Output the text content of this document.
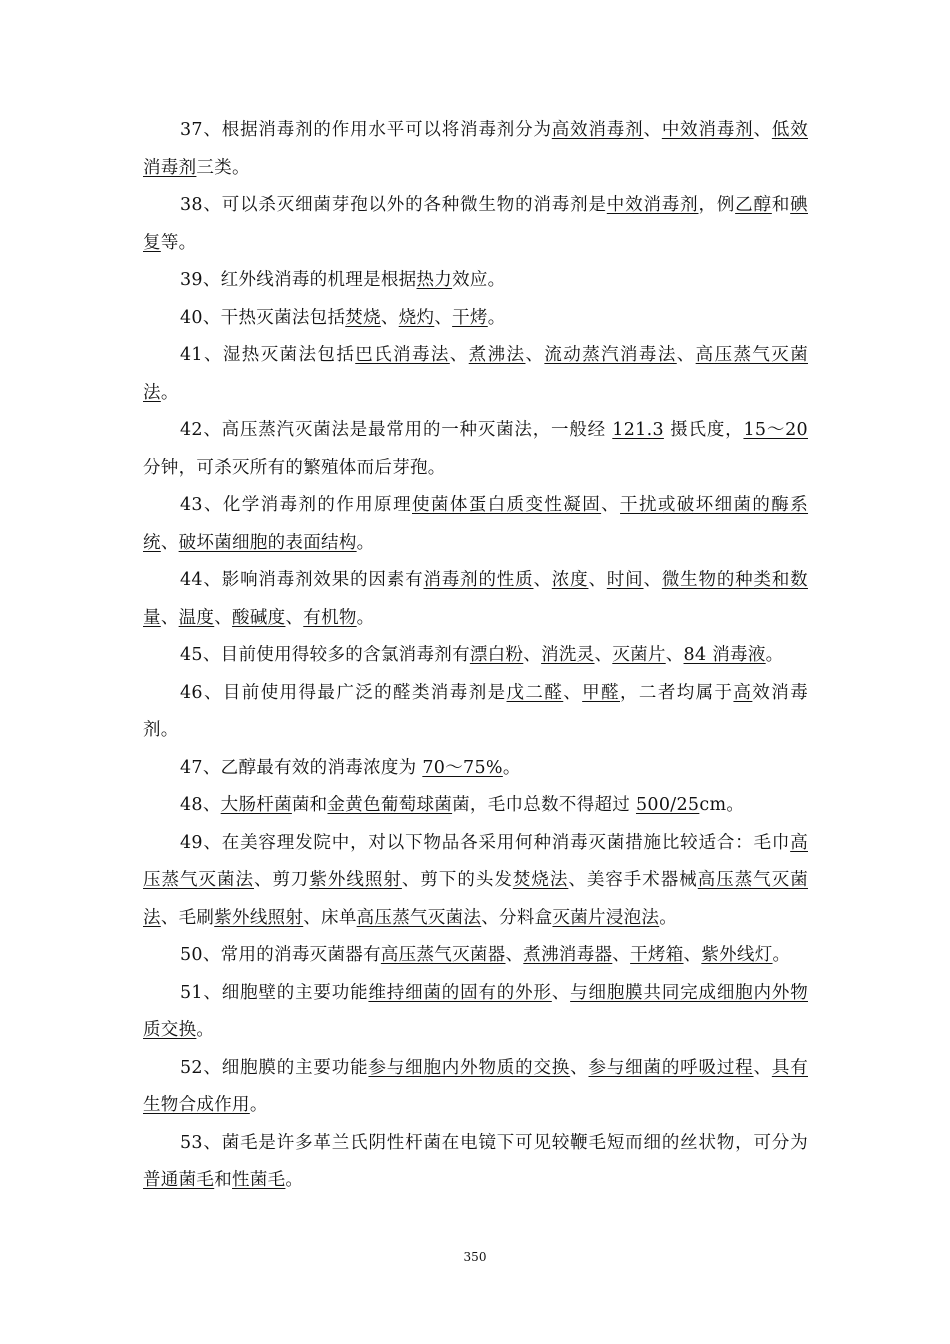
37、根据消毒剂的作用水平可以将消毒剂分为高效消毒剂、中效消毒剂、低效消毒剂三类。

38、可以杀灭细菌芽孢以外的各种微生物的消毒剂是中效消毒剂，例乙醇和碘复等。

39、红外线消毒的机理是根据热力效应。

40、干热灭菌法包括焚烧、烧灼、干烤。

41、湿热灭菌法包括巴氏消毒法、煮沸法、流动蒸汽消毒法、高压蒸气灭菌法。

42、高压蒸汽灭菌法是最常用的一种灭菌法，一般经 121.3 摄氏度，15～20 分钟，可杀灭所有的繁殖体而后芽孢。

43、化学消毒剂的作用原理使菌体蛋白质变性凝固、干扰或破坏细菌的酶系统、破坏菌细胞的表面结构。

44、影响消毒剂效果的因素有消毒剂的性质、浓度、时间、微生物的种类和数量、温度、酸碱度、有机物。

45、目前使用得较多的含氯消毒剂有漂白粉、消洗灵、灭菌片、84 消毒液。

46、目前使用得最广泛的醛类消毒剂是戊二醛、甲醛，二者均属于高效消毒剂。

47、乙醇最有效的消毒浓度为 70～75%。

48、大肠杆菌菌和金黄色葡萄球菌菌，毛巾总数不得超过 500/25cm。

49、在美容理发院中，对以下物品各采用何种消毒灭菌措施比较适合：毛巾高压蒸气灭菌法、剪刀紫外线照射、剪下的头发焚烧法、美容手术器械高压蒸气灭菌法、毛刷紫外线照射、床单高压蒸气灭菌法、分料盒灭菌片浸泡法。

50、常用的消毒灭菌器有高压蒸气灭菌器、煮沸消毒器、干烤箱、紫外线灯。

51、细胞壁的主要功能维持细菌的固有的外形、与细胞膜共同完成细胞内外物质交换。

52、细胞膜的主要功能参与细胞内外物质的交换、参与细菌的呼吸过程、具有生物合成作用。

53、菌毛是许多革兰氏阴性杆菌在电镜下可见较鞭毛短而细的丝状物，可分为普通菌毛和性菌毛。

350
